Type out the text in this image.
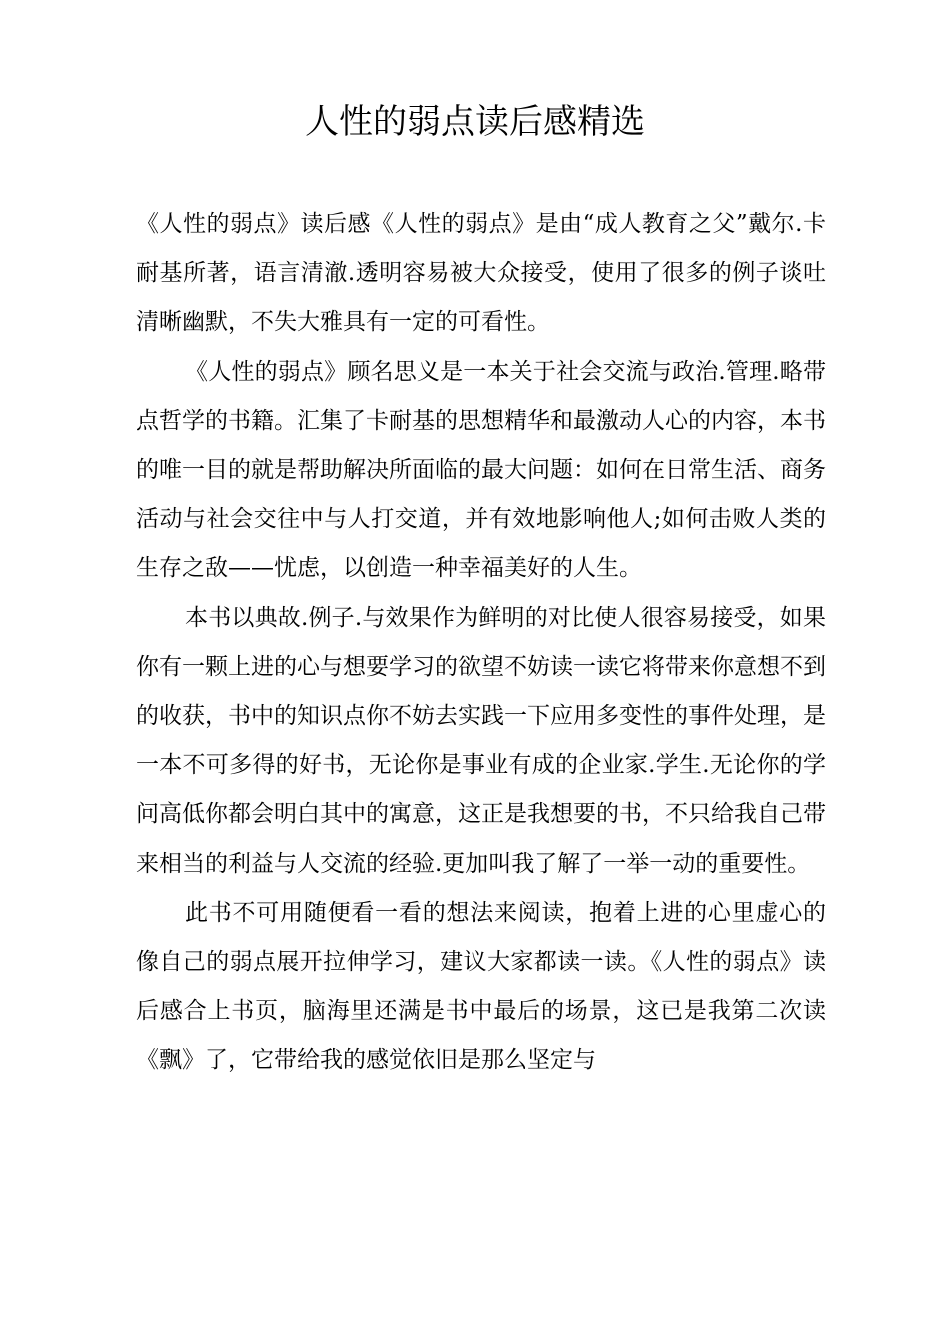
人性的弱点读后感精选

《人性的弱点》读后感《人性的弱点》是由“成人教育之父”戴尔.卡耐基所著，语言清澈.透明容易被大众接受，使用了很多的例子谈吐清晰幽默，不失大雅具有一定的可看性。

《人性的弱点》顾名思义是一本关于社会交流与政治.管理.略带点哲学的书籍。汇集了卡耐基的思想精华和最激动人心的内容，本书的唯一目的就是帮助解决所面临的最大问题：如何在日常生活、商务活动与社会交往中与人打交道，并有效地影响他人;如何击败人类的生存之敌——忧虑，以创造一种幸福美好的人生。

本书以典故.例子.与效果作为鲜明的对比使人很容易接受，如果你有一颗上进的心与想要学习的欲望不妨读一读它将带来你意想不到的收获，书中的知识点你不妨去实践一下应用多变性的事件处理，是一本不可多得的好书，无论你是事业有成的企业家.学生.无论你的学问高低你都会明白其中的寓意，这正是我想要的书，不只给我自己带来相当的利益与人交流的经验.更加叫我了解了一举一动的重要性。

此书不可用随便看一看的想法来阅读，抱着上进的心里虚心的像自己的弱点展开拉伸学习，建议大家都读一读。《人性的弱点》读后感合上书页，脑海里还满是书中最后的场景，这已是我第二次读《飘》了，它带给我的感觉依旧是那么坚定与
